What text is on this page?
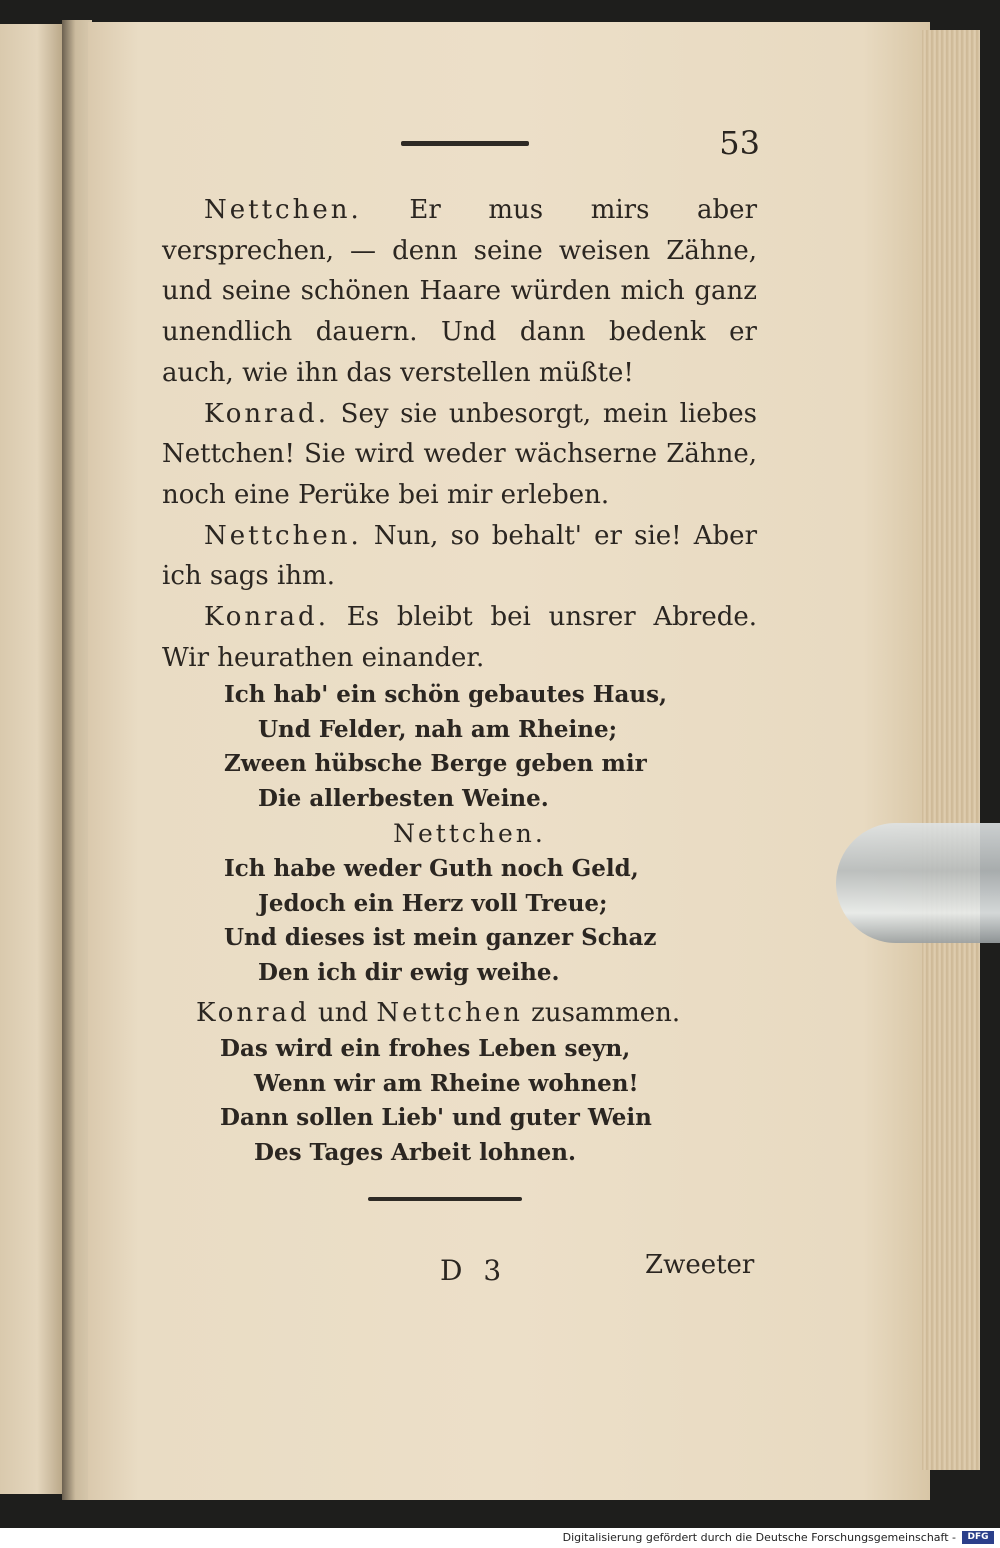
53

Nettchen. Er mus mirs aber versprechen, — denn seine weisen Zähne, und seine schönen Haare würden mich ganz unendlich dauern. Und dann bedenk er auch, wie ihn das verstellen müßte!

Konrad. Sey sie unbesorgt, mein liebes Nettchen! Sie wird weder wächserne Zähne, noch eine Perüke bei mir erleben.

Nettchen. Nun, so behalt' er sie! Aber ich sags ihm.

Konrad. Es bleibt bei unsrer Abrede. Wir heurathen einander.

Ich hab' ein schön gebautes Haus,
Und Felder, nah am Rheine;
Zween hübsche Berge geben mir
Die allerbesten Weine.

Nettchen.

Ich habe weder Guth noch Geld,
Jedoch ein Herz voll Treue;
Und dieses ist mein ganzer Schaz
Den ich dir ewig weihe.

Konrad und Nettchen zusammen.

Das wird ein frohes Leben seyn,
Wenn wir am Rheine wohnen!
Dann sollen Lieb' und guter Wein
Des Tages Arbeit lohnen.
D 3	Zweeter
Digitalisierung gefördert durch die Deutsche Forschungsgemeinschaft -	DFG
